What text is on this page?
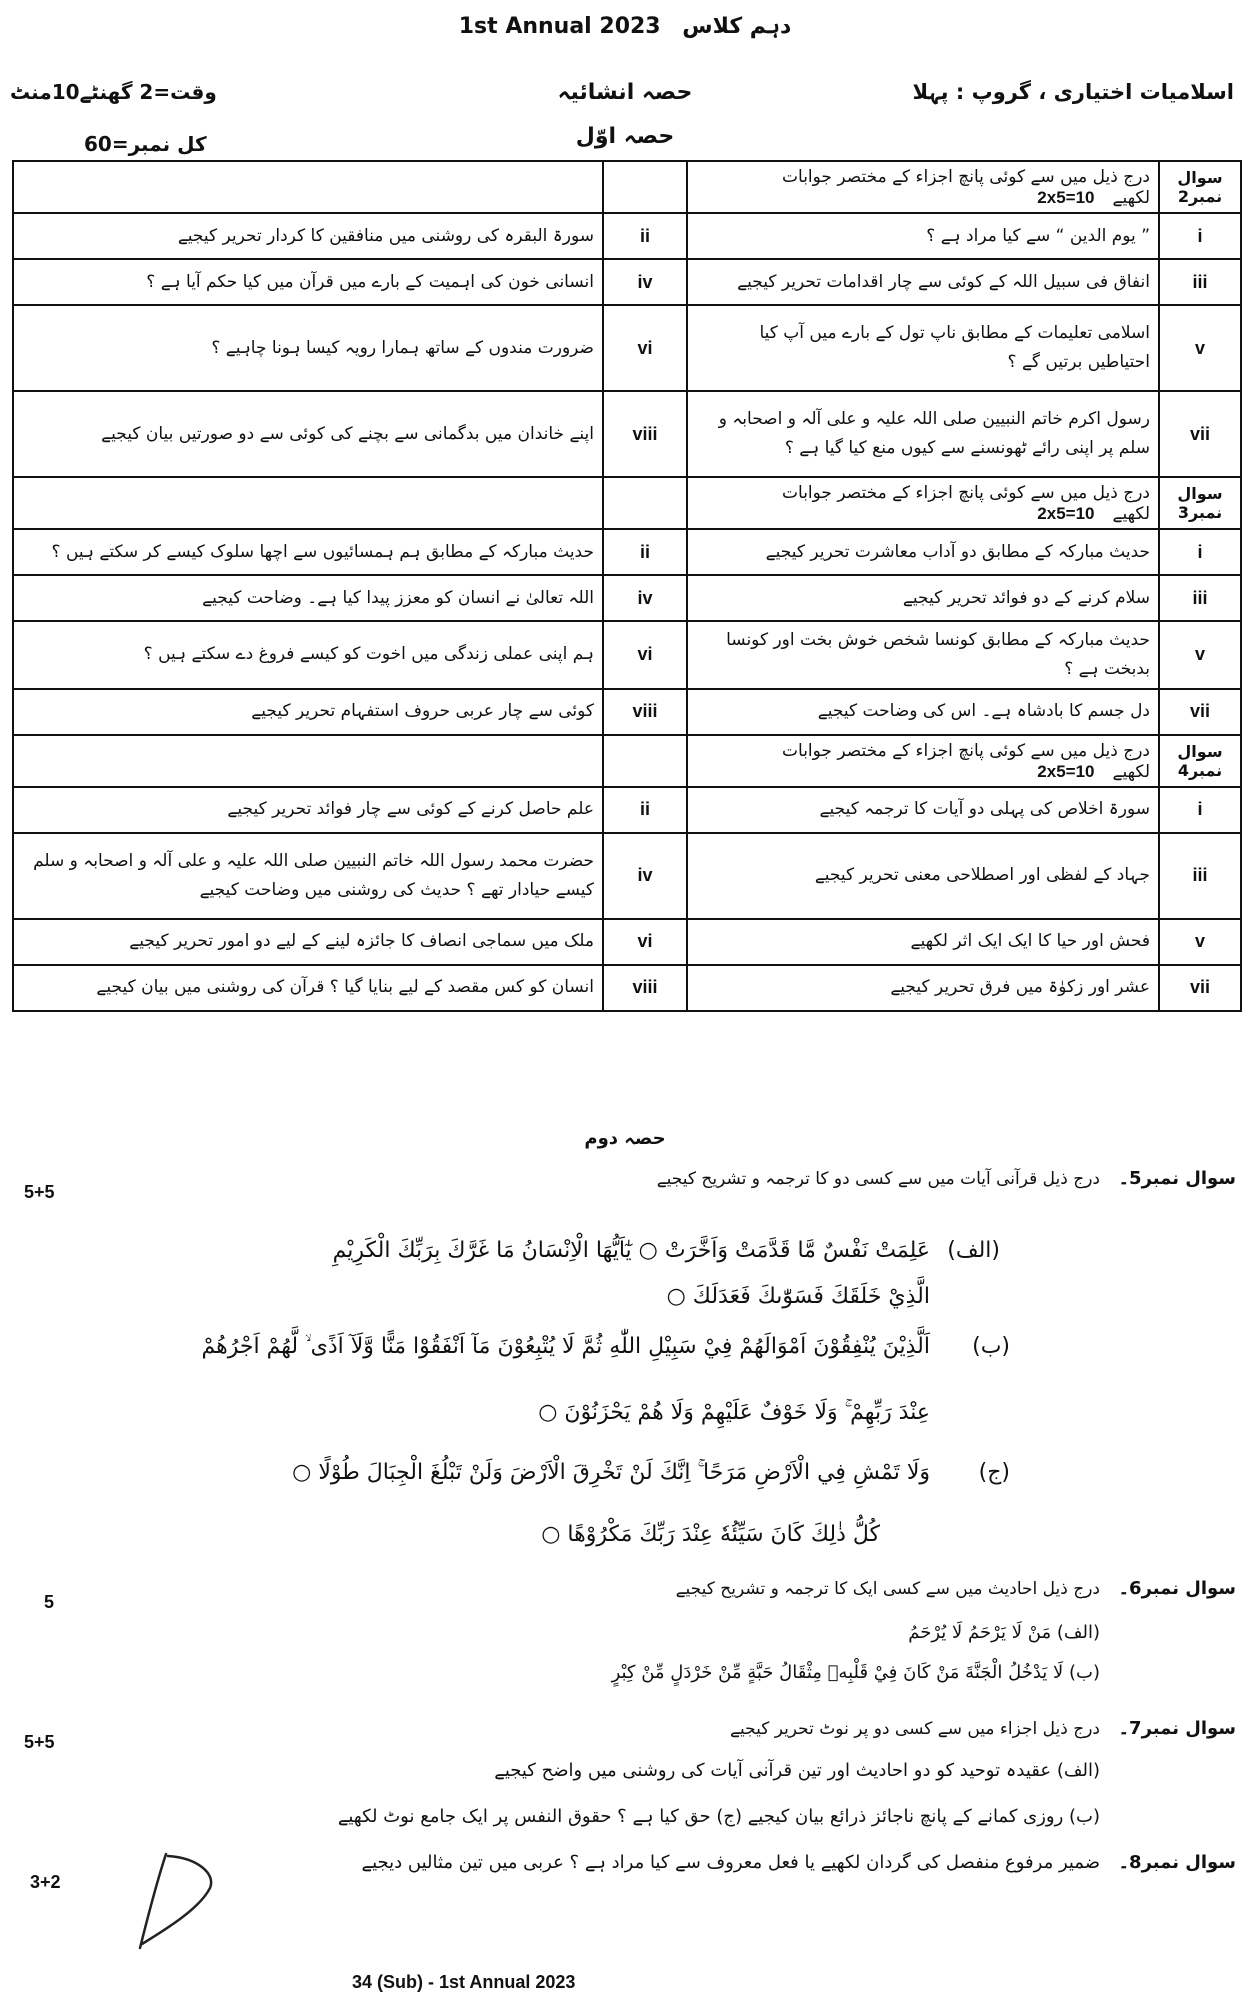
1st Annual 2023 دہم کلاس
اسلامیات اختیاری ، گروپ : پہلا
حصہ انشائیہ
وقت=2 گھنٹے10منٹ
حصہ اوّل
کل نمبر=60
سوال نمبر2	درج ذیل میں سے کوئی پانچ اجزاء کے مختصر جوابات لکھیے2x5=10		
i	” یوم الدین “ سے کیا مراد ہے ؟	ii	سورۃ البقرہ کی روشنی میں منافقین کا کردار تحریر کیجیے
iii	انفاق فی سبیل اللہ کے کوئی سے چار اقدامات تحریر کیجیے	iv	انسانی خون کی اہمیت کے بارے میں قرآن میں کیا حکم آیا ہے ؟
v	اسلامی تعلیمات کے مطابق ناپ تول کے بارے میں آپ کیا احتیاطیں برتیں گے ؟	vi	ضرورت مندوں کے ساتھ ہمارا رویہ کیسا ہونا چاہیے ؟
vii	رسول اکرم خاتم النبیین صلی اللہ علیہ و علی آلہ و اصحابہ و سلم پر اپنی رائے ٹھونسنے سے کیوں منع کیا گیا ہے ؟	viii	اپنے خاندان میں بدگمانی سے بچنے کی کوئی سے دو صورتیں بیان کیجیے
سوال نمبر3	درج ذیل میں سے کوئی پانچ اجزاء کے مختصر جوابات لکھیے2x5=10		
i	حدیث مبارکہ کے مطابق دو آداب معاشرت تحریر کیجیے	ii	حدیث مبارکہ کے مطابق ہم ہمسائیوں سے اچھا سلوک کیسے کر سکتے ہیں ؟
iii	سلام کرنے کے دو فوائد تحریر کیجیے	iv	اللہ تعالیٰ نے انسان کو معزز پیدا کیا ہے۔ وضاحت کیجیے
v	حدیث مبارکہ کے مطابق کونسا شخص خوش بخت اور کونسا بدبخت ہے ؟	vi	ہم اپنی عملی زندگی میں اخوت کو کیسے فروغ دے سکتے ہیں ؟
vii	دل جسم کا بادشاہ ہے۔ اس کی وضاحت کیجیے	viii	کوئی سے چار عربی حروف استفہام تحریر کیجیے
سوال نمبر4	درج ذیل میں سے کوئی پانچ اجزاء کے مختصر جوابات لکھیے2x5=10		
i	سورۃ اخلاص کی پہلی دو آیات کا ترجمہ کیجیے	ii	علم حاصل کرنے کے کوئی سے چار فوائد تحریر کیجیے
iii	جہاد کے لفظی اور اصطلاحی معنی تحریر کیجیے	iv	حضرت محمد رسول اللہ خاتم النبیین صلی اللہ علیہ و علی آلہ و اصحابہ و سلم کیسے حیادار تھے ؟ حدیث کی روشنی میں وضاحت کیجیے
v	فحش اور حیا کا ایک ایک اثر لکھیے	vi	ملک میں سماجی انصاف کا جائزہ لینے کے لیے دو امور تحریر کیجیے
vii	عشر اور زکوٰۃ میں فرق تحریر کیجیے	viii	انسان کو کس مقصد کے لیے بنایا گیا ؟ قرآن کی روشنی میں بیان کیجیے
حصہ دوم
سوال نمبر5۔
درج ذیل قرآنی آیات میں سے کسی دو کا ترجمہ و تشریح کیجیے
5+5
(الف)
عَلِمَتْ نَفْسٌ مَّا قَدَّمَتْ وَاَخَّرَتْ ○ يٰٓاَيُّهَا الْاِنْسَانُ مَا غَرَّكَ بِرَبِّكَ الْكَرِيْمِ
الَّذِيْ خَلَقَكَ فَسَوّٰىكَ فَعَدَلَكَ ○
(ب)
اَلَّذِيْنَ يُنْفِقُوْنَ اَمْوَالَهُمْ فِيْ سَبِيْلِ اللّٰهِ ثُمَّ لَا يُتْبِعُوْنَ مَآ اَنْفَقُوْا مَنًّا وَّلَآ اَذًى ۙ لَّهُمْ اَجْرُهُمْ
عِنْدَ رَبِّهِمْ ۚ وَلَا خَوْفٌ عَلَيْهِمْ وَلَا هُمْ يَحْزَنُوْنَ ○
(ج)
وَلَا تَمْشِ فِي الْاَرْضِ مَرَحًا ۚ اِنَّكَ لَنْ تَخْرِقَ الْاَرْضَ وَلَنْ تَبْلُغَ الْجِبَالَ طُوْلًا ○
كُلُّ ذٰلِكَ كَانَ سَيِّئُهٗ عِنْدَ رَبِّكَ مَكْرُوْهًا ○
سوال نمبر6۔
درج ذیل احادیث میں سے کسی ایک کا ترجمہ و تشریح کیجیے
5
(الف) مَنْ لَا يَرْحَمُ لَا يُرْحَمُ
(ب) لَا يَدْخُلُ الْجَنَّةَ مَنْ كَانَ فِيْ قَلْبِهٖ مِثْقَالُ حَبَّةٍ مِّنْ خَرْدَلٍ مِّنْ كِبْرٍ
سوال نمبر7۔
درج ذیل اجزاء میں سے کسی دو پر نوٹ تحریر کیجیے
5+5
(الف) عقیدہ توحید کو دو احادیث اور تین قرآنی آیات کی روشنی میں واضح کیجیے
(ب) روزی کمانے کے پانچ ناجائز ذرائع بیان کیجیے (ج) حق کیا ہے ؟ حقوق النفس پر ایک جامع نوٹ لکھیے
سوال نمبر8۔
ضمیر مرفوع منفصل کی گردان لکھیے یا فعل معروف سے کیا مراد ہے ؟ عربی میں تین مثالیں دیجیے
3+2
34 (Sub) - 1st Annual 2023
